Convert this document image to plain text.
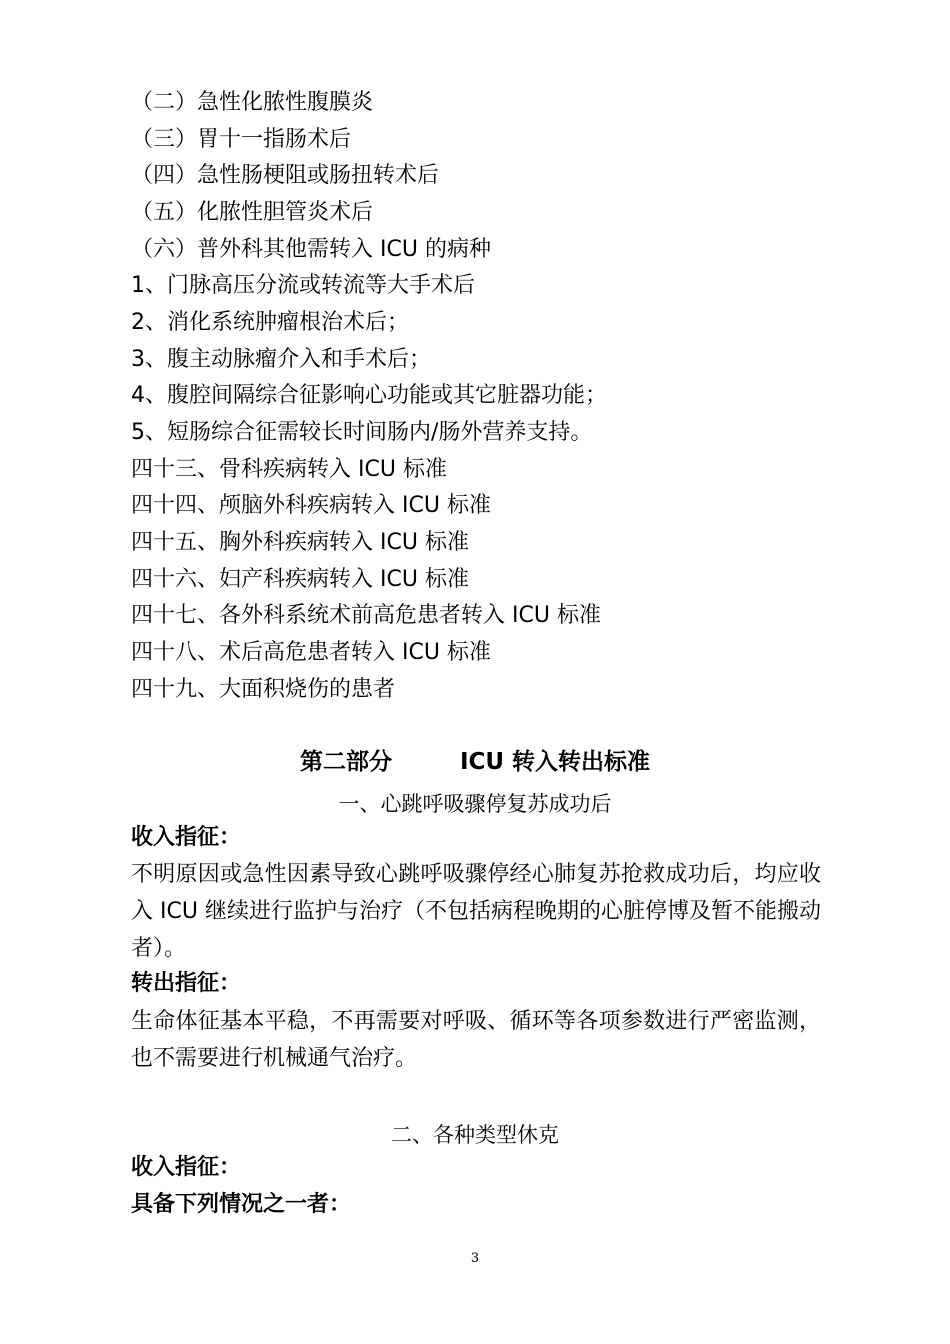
（二）急性化脓性腹膜炎
（三）胃十一指肠术后
（四）急性肠梗阻或肠扭转术后
（五）化脓性胆管炎术后
（六）普外科其他需转入 ICU 的病种
1、门脉高压分流或转流等大手术后
2、消化系统肿瘤根治术后；
3、腹主动脉瘤介入和手术后；
4、腹腔间隔综合征影响心功能或其它脏器功能；
5、短肠综合征需较长时间肠内/肠外营养支持。
四十三、骨科疾病转入 ICU 标准
四十四、颅脑外科疾病转入 ICU 标准
四十五、胸外科疾病转入 ICU 标准
四十六、妇产科疾病转入 ICU 标准
四十七、各外科系统术前高危患者转入 ICU 标准
四十八、术后高危患者转入 ICU 标准
四十九、大面积烧伤的患者
第二部分	ICU 转入转出标准
一、心跳呼吸骤停复苏成功后
收入指征：
不明原因或急性因素导致心跳呼吸骤停经心肺复苏抢救成功后，均应收入 ICU 继续进行监护与治疗（不包括病程晚期的心脏停博及暂不能搬动者）。
转出指征：
生命体征基本平稳，不再需要对呼吸、循环等各项参数进行严密监测，也不需要进行机械通气治疗。
二、各种类型休克
收入指征：
具备下列情况之一者：
3
